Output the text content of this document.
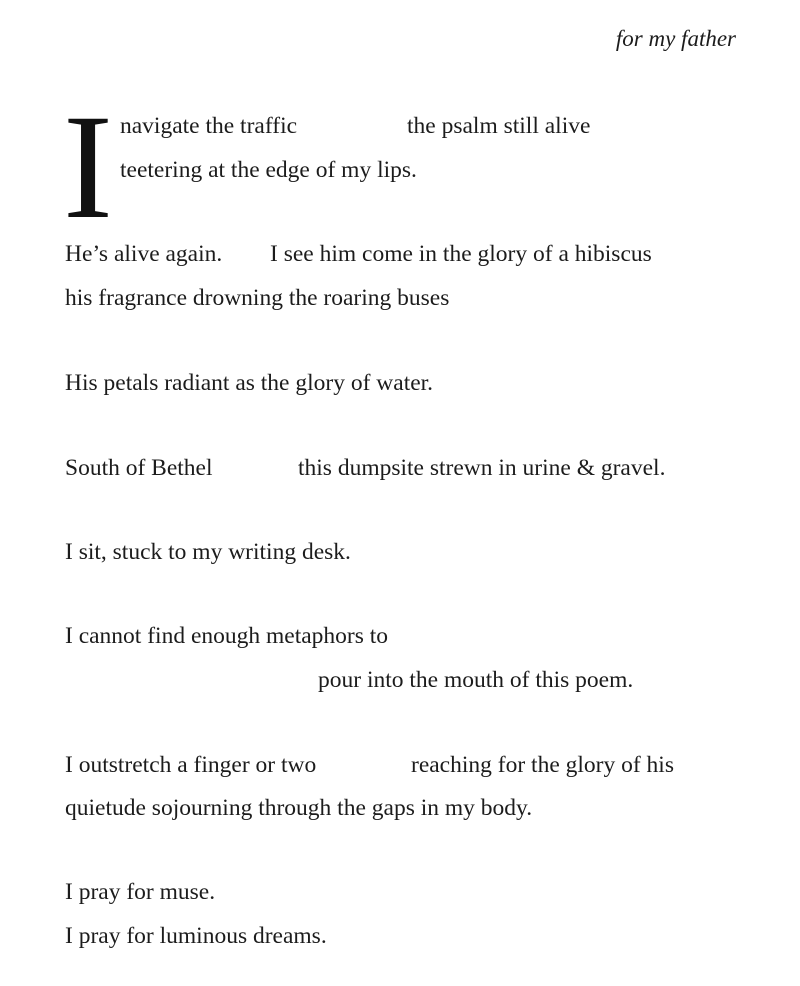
for my father
I navigate the traffic	the psalm still alive
teetering at the edge of my lips.
He’s alive again. I see him come in the glory of a hibiscus
his fragrance drowning the roaring buses
His petals radiant as the glory of water.
South of Bethel	this dumpsite strewn in urine & gravel.
I sit, stuck to my writing desk.
I cannot find enough metaphors to
pour into the mouth of this poem.
I outstretch a finger or two	reaching for the glory of his
quietude sojourning through the gaps in my body.
I pray for muse.
I pray for luminous dreams.
